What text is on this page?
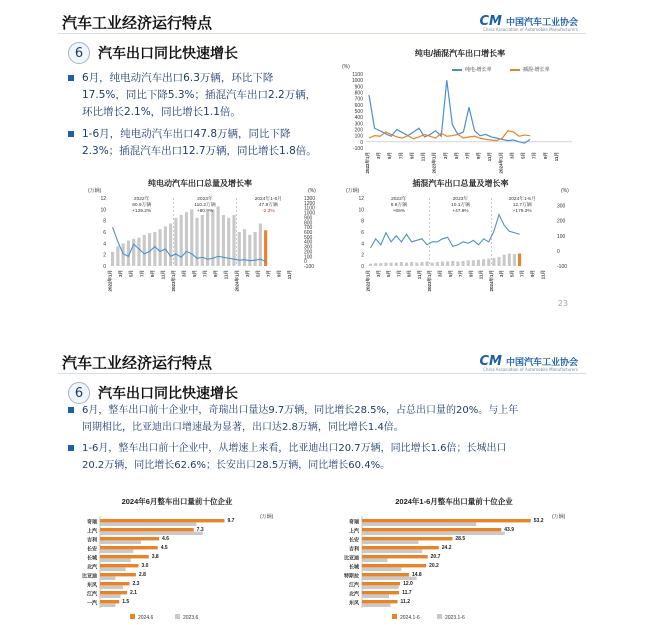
汽车工业经济运行特点	CM 中国汽车工业协会
China Association of Automobile Manufacturers
6	汽车出口同比快速增长
6月，纯电动汽车出口6.3万辆，环比下降
17.5%，同比下降5.3%；插混汽车出口2.2万辆，
环比增长2.1%，同比增长1.1倍。
1-6月，纯电动汽车出口47.8万辆，同比下降
2.3%；插混汽车出口12.7万辆，同比增长1.8倍。
纯电/插混汽车出口增长率
纯电-增长率	插混-增长率
(%)
-100
0
100
200
300
400
500
600
700
800
900
1000
1100
2022年1月 3月 5月 7月 9月 11月 2023年1月 3月 5月 7月 9月 11月 2024年1月 3月 5月 7月 9月 11月
纯电动汽车出口总量及增长率
(万辆)	(%)
0
2
4
6
8
10
12
-100
0
100
200
300
400
500
600
700
800
900
1000
1100
1200
1300
2022年
60.9万辆
+129.2%
2023年
110.2万辆
+80.9%
2024年1-6月
47.8万辆
-2.3%
2022年1月 3月 5月 7月 9月 11月 2023年1月 3月 5月 7月 9月 11月 2024年1月 3月 5月 7月 9月 11月
插混汽车出口总量及增长率
(万辆)	(%)
0
2
4
6
8
10
12
-100
0
100
200
300
2022年
6.8万辆
+65%
2023年
10.1万辆
+47.8%
2024年1-6月
12.7万辆
+179.3%
2022年1月 3月 5月 7月 9月 11月 2023年1月 3月 5月 7月 9月 11月 2024年1月 3月 5月 7月 9月 11月
23
汽车工业经济运行特点	CM 中国汽车工业协会
China Association of Automobile Manufacturers
6	汽车出口同比快速增长
6月，整车出口前十企业中，奇瑞出口量达9.7万辆，同比增长28.5%，占总出口量的20%。与上年
同期相比，比亚迪出口增速最为显著，出口达2.8万辆，同比增长1.4倍。
1-6月，整车出口前十企业中，从增速上来看，比亚迪出口20.7万辆，同比增长1.6倍；长城出口
20.2万辆，同比增长62.6%；长安出口28.5万辆，同比增长60.4%。
2024年6月整车出口量前十位企业
(万辆)
奇瑞	9.7
上汽	7.3
吉利	4.6
长安	4.5
长城	3.8
北汽	3.0
比亚迪	2.8
东风	2.3
江汽	2.1
一汽	1.5
2024.6	2023.6
2024年1-6月整车出口量前十位企业
(万辆)
奇瑞	53.2
上汽	43.9
长安	28.5
吉利	24.2
比亚迪	20.7
长城	20.2
特斯拉	14.8
江汽	12.0
北汽	11.7
东风	11.2
2024.1-6	2023.1-6
